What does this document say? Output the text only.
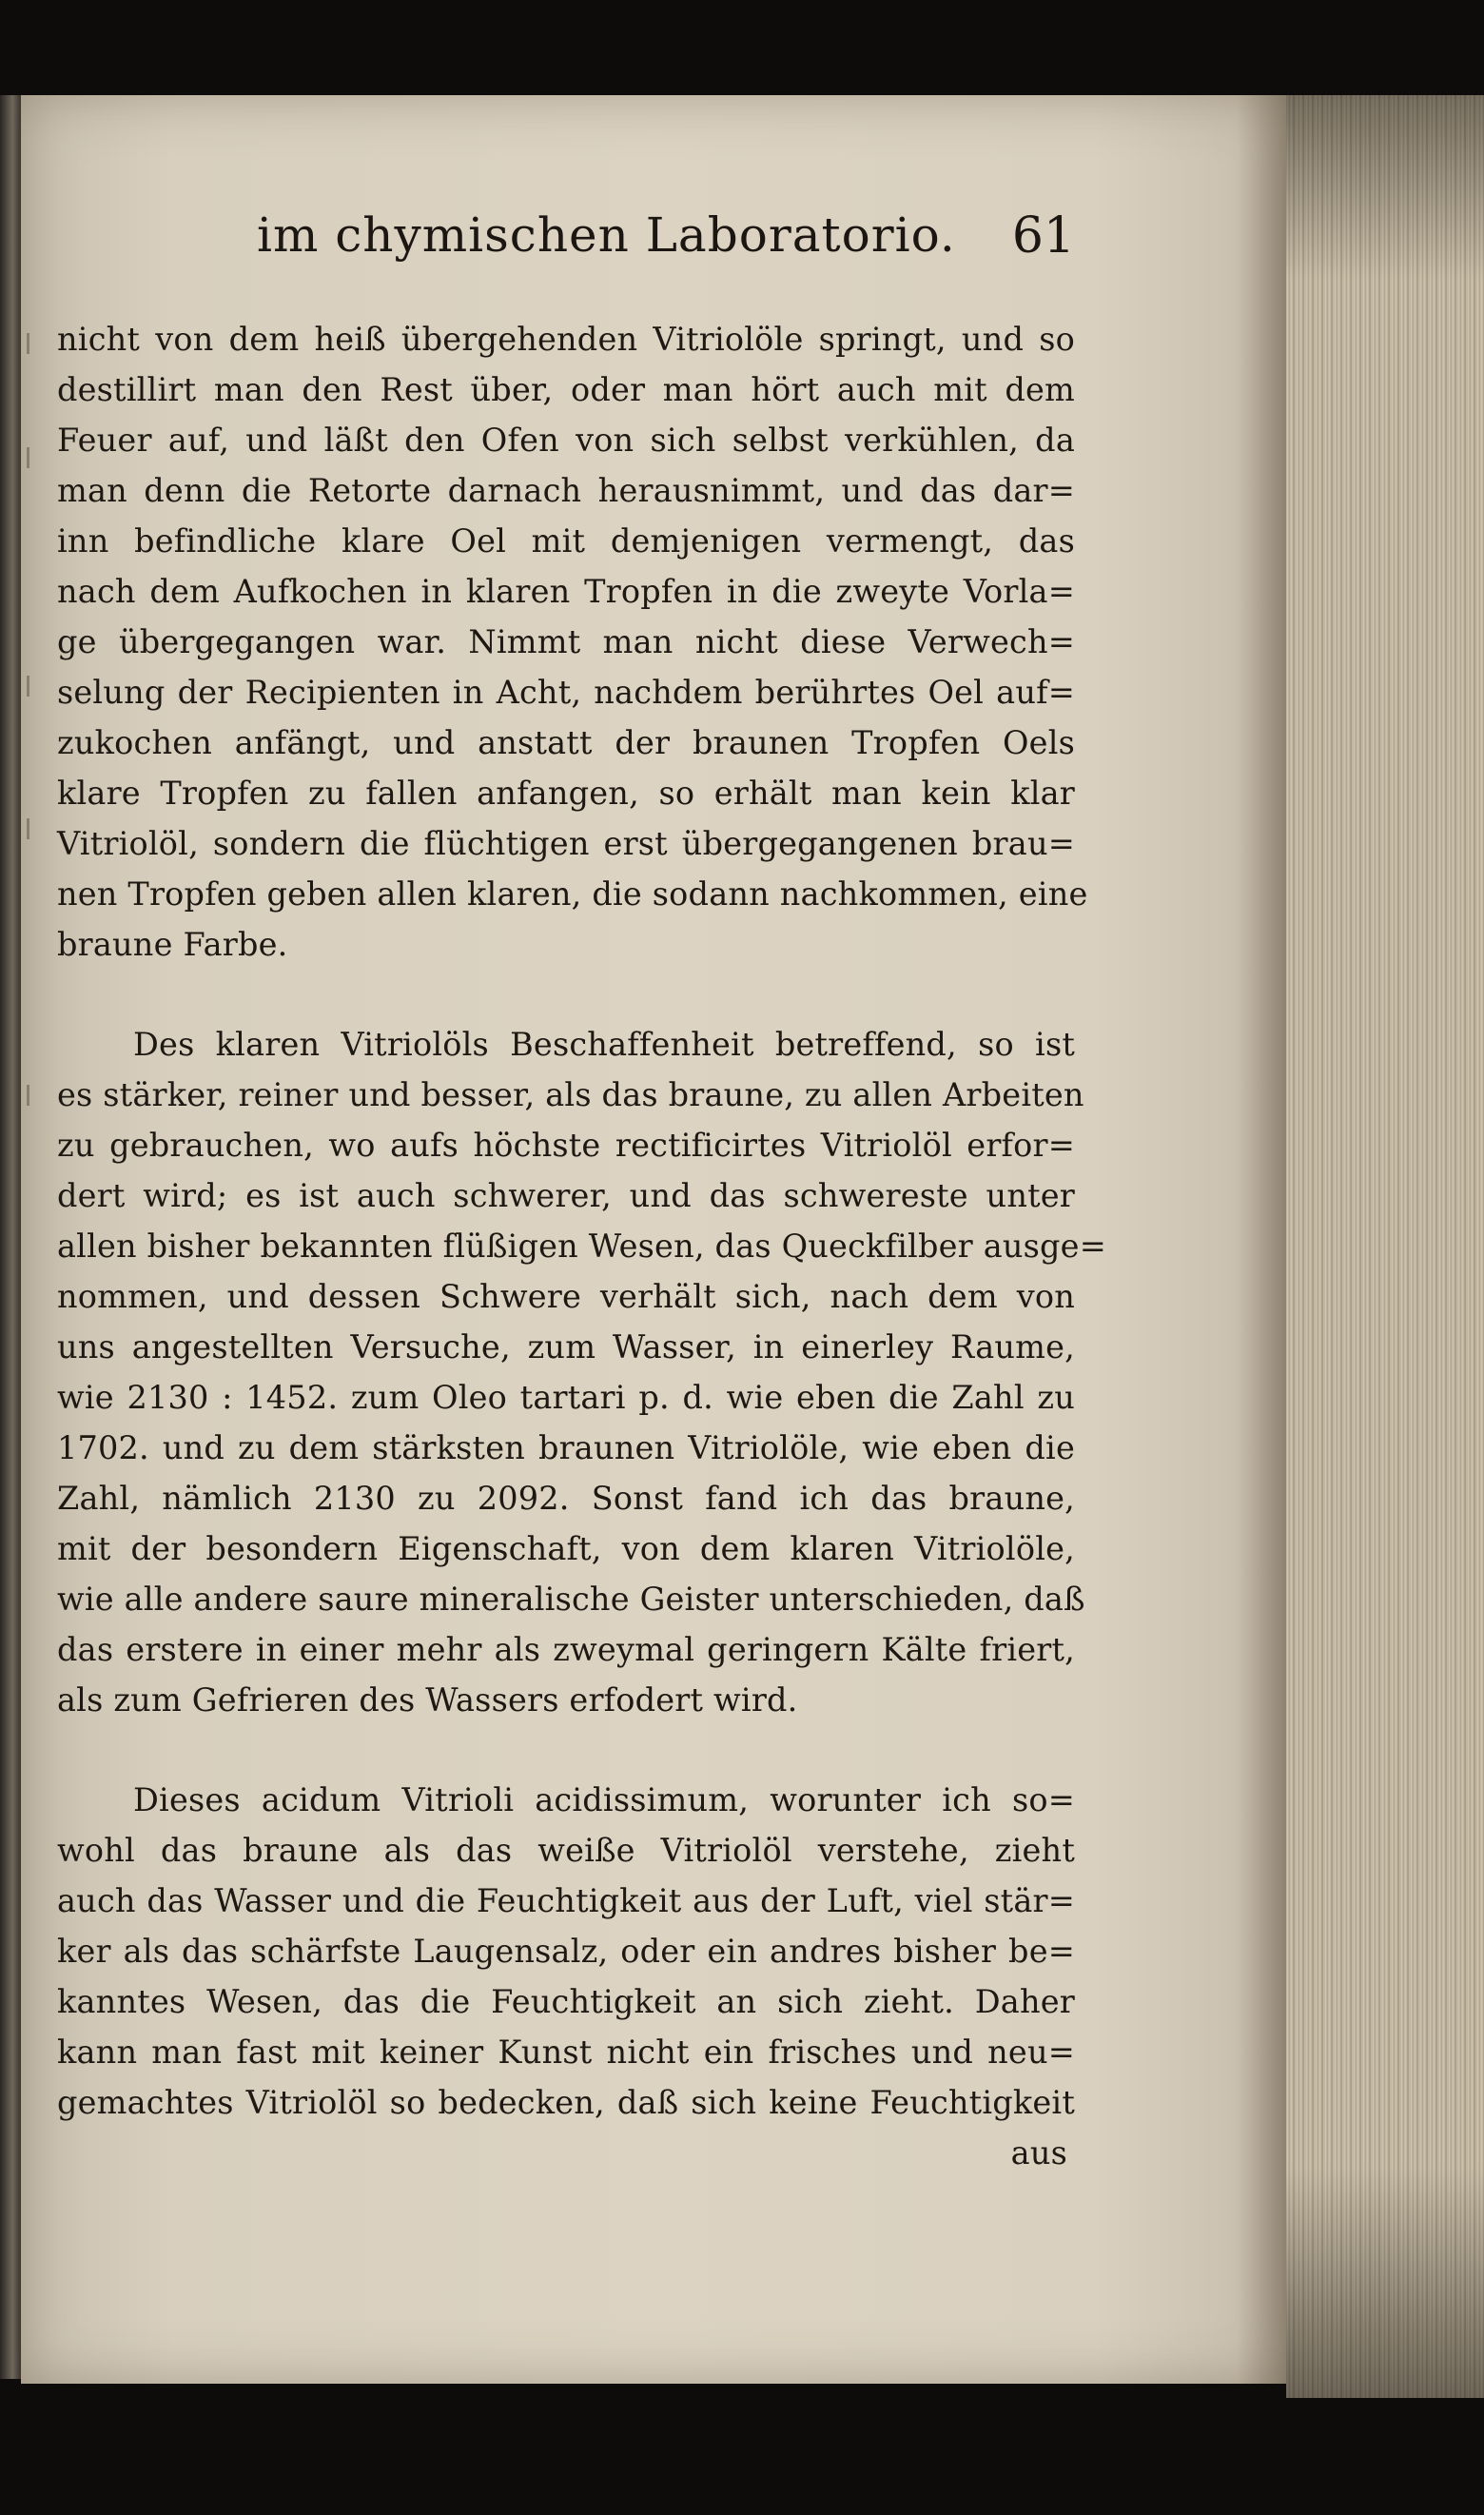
im chymischen Laboratorio. 61
nicht von dem heiß übergehenden Vitriolöle springt, und so
destillirt man den Rest über, oder man hört auch mit dem
Feuer auf, und läßt den Ofen von sich selbst verkühlen, da
man denn die Retorte darnach herausnimmt, und das dar=
inn befindliche klare Oel mit demjenigen vermengt, das
nach dem Aufkochen in klaren Tropfen in die zweyte Vorla=
ge übergegangen war. Nimmt man nicht diese Verwech=
selung der Recipienten in Acht, nachdem berührtes Oel auf=
zukochen anfängt, und anstatt der braunen Tropfen Oels
klare Tropfen zu fallen anfangen, so erhält man kein klar
Vitriolöl, sondern die flüchtigen erst übergegangenen brau=
nen Tropfen geben allen klaren, die sodann nachkommen, eine
braune Farbe.
Des klaren Vitriolöls Beschaffenheit betreffend, so ist
es stärker, reiner und besser, als das braune, zu allen Arbeiten
zu gebrauchen, wo aufs höchste rectificirtes Vitriolöl erfor=
dert wird; es ist auch schwerer, und das schwereste unter
allen bisher bekannten flüßigen Wesen, das Queckfilber ausge=
nommen, und dessen Schwere verhält sich, nach dem von
uns angestellten Versuche, zum Wasser, in einerley Raume,
wie 2130 : 1452. zum Oleo tartari p. d. wie eben die Zahl zu
1702. und zu dem stärksten braunen Vitriolöle, wie eben die
Zahl, nämlich 2130 zu 2092. Sonst fand ich das braune,
mit der besondern Eigenschaft, von dem klaren Vitriolöle,
wie alle andere saure mineralische Geister unterschieden, daß
das erstere in einer mehr als zweymal geringern Kälte friert,
als zum Gefrieren des Wassers erfodert wird.
Dieses acidum Vitrioli acidissimum, worunter ich so=
wohl das braune als das weiße Vitriolöl verstehe, zieht
auch das Wasser und die Feuchtigkeit aus der Luft, viel stär=
ker als das schärfste Laugensalz, oder ein andres bisher be=
kanntes Wesen, das die Feuchtigkeit an sich zieht. Daher
kann man fast mit keiner Kunst nicht ein frisches und neu=
gemachtes Vitriolöl so bedecken, daß sich keine Feuchtigkeit
aus
